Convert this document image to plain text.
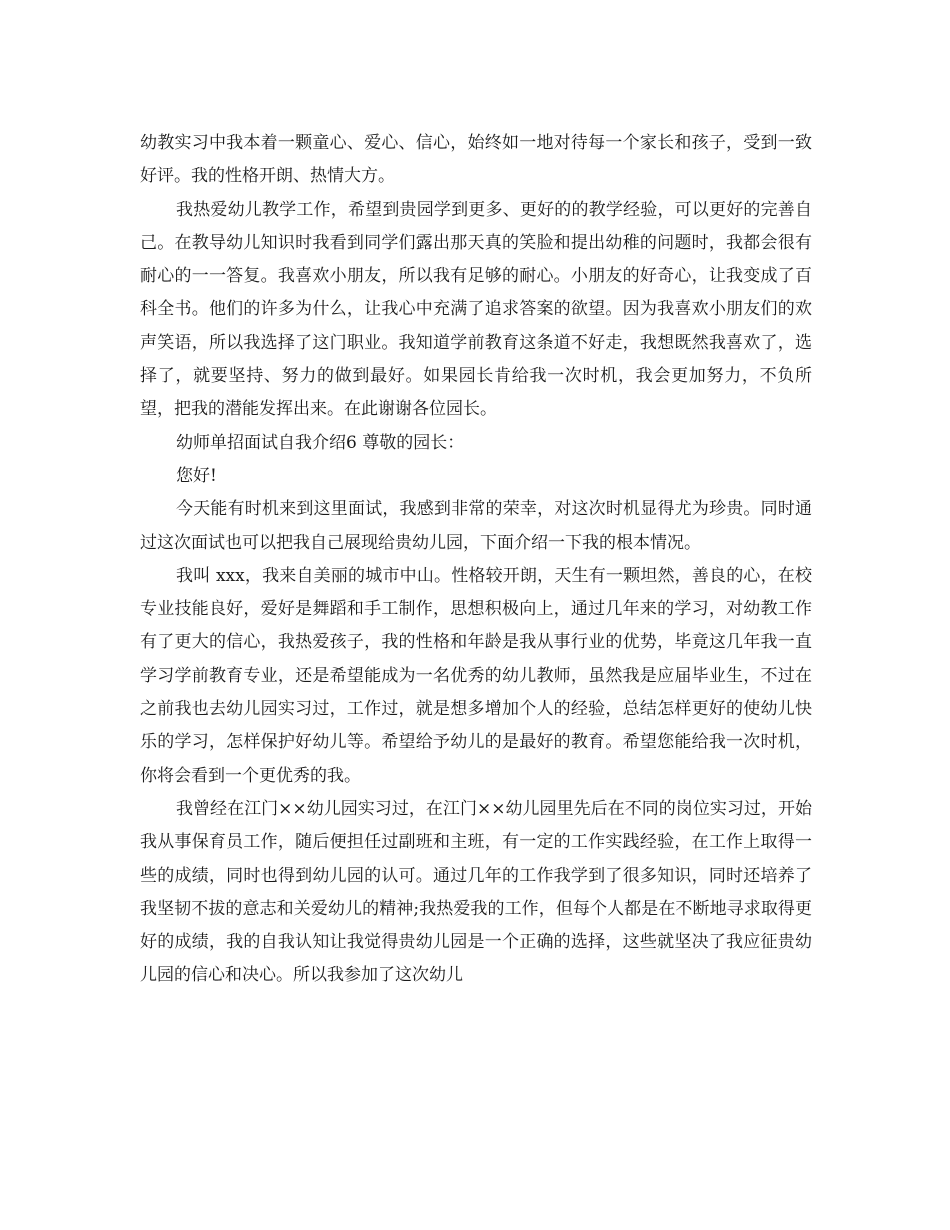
幼教实习中我本着一颗童心、爱心、信心，始终如一地对待每一个家长和孩子，受到一致好评。我的性格开朗、热情大方。

我热爱幼儿教学工作，希望到贵园学到更多、更好的的教学经验，可以更好的完善自己。在教导幼儿知识时我看到同学们露出那天真的笑脸和提出幼稚的问题时，我都会很有耐心的一一答复。我喜欢小朋友，所以我有足够的耐心。小朋友的好奇心，让我变成了百科全书。他们的许多为什么，让我心中充满了追求答案的欲望。因为我喜欢小朋友们的欢声笑语，所以我选择了这门职业。我知道学前教育这条道不好走，我想既然我喜欢了，选择了，就要坚持、努力的做到最好。如果园长肯给我一次时机，我会更加努力，不负所望，把我的潜能发挥出来。在此谢谢各位园长。

幼师单招面试自我介绍6 尊敬的园长：

您好!

今天能有时机来到这里面试，我感到非常的荣幸，对这次时机显得尤为珍贵。同时通过这次面试也可以把我自己展现给贵幼儿园，下面介绍一下我的根本情况。

我叫 xxx，我来自美丽的城市中山。性格较开朗，天生有一颗坦然，善良的心，在校专业技能良好，爱好是舞蹈和手工制作，思想积极向上，通过几年来的学习，对幼教工作有了更大的信心，我热爱孩子，我的性格和年龄是我从事行业的优势，毕竟这几年我一直学习学前教育专业，还是希望能成为一名优秀的幼儿教师，虽然我是应届毕业生，不过在之前我也去幼儿园实习过，工作过，就是想多增加个人的经验，总结怎样更好的使幼儿快乐的学习，怎样保护好幼儿等。希望给予幼儿的是最好的教育。希望您能给我一次时机，你将会看到一个更优秀的我。

我曾经在江门××幼儿园实习过，在江门××幼儿园里先后在不同的岗位实习过，开始我从事保育员工作，随后便担任过副班和主班，有一定的工作实践经验，在工作上取得一些的成绩，同时也得到幼儿园的认可。通过几年的工作我学到了很多知识，同时还培养了我坚韧不拔的意志和关爱幼儿的精神;我热爱我的工作，但每个人都是在不断地寻求取得更好的成绩，我的自我认知让我觉得贵幼儿园是一个正确的选择，这些就坚决了我应征贵幼儿园的信心和决心。所以我参加了这次幼儿
